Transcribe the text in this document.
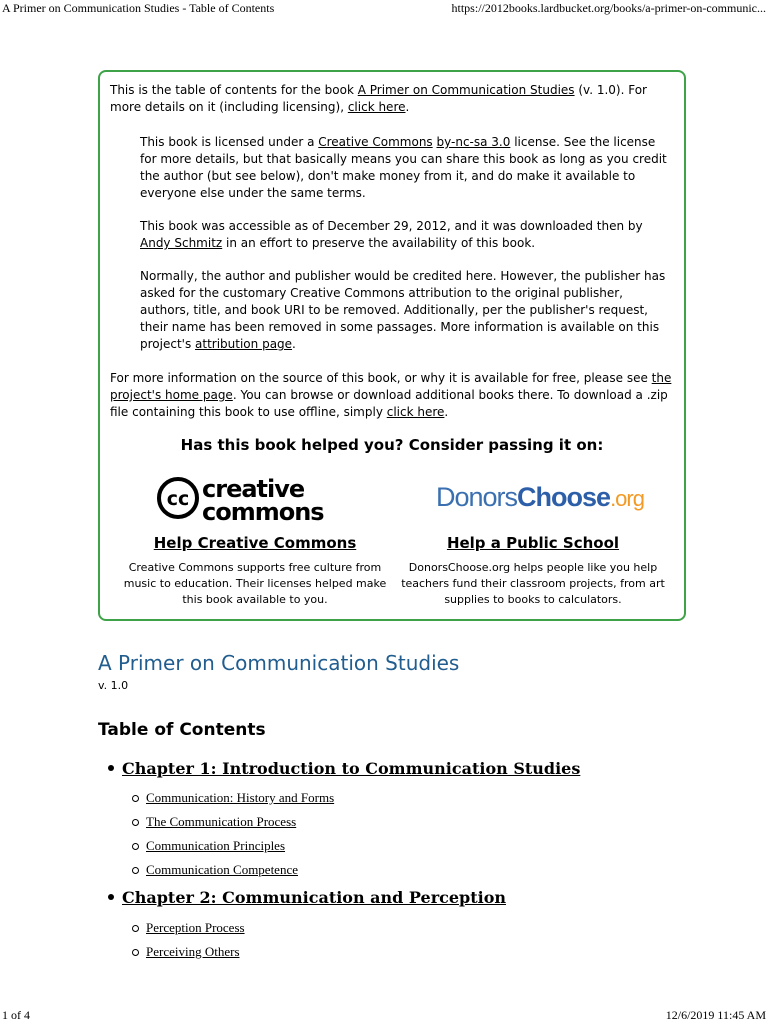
A Primer on Communication Studies - Table of Contents	https://2012books.lardbucket.org/books/a-primer-on-communic...
This is the table of contents for the book A Primer on Communication Studies (v. 1.0). For more details on it (including licensing), click here.
This book is licensed under a Creative Commons by-nc-sa 3.0 license. See the license for more details, but that basically means you can share this book as long as you credit the author (but see below), don't make money from it, and do make it available to everyone else under the same terms.
This book was accessible as of December 29, 2012, and it was downloaded then by Andy Schmitz in an effort to preserve the availability of this book.
Normally, the author and publisher would be credited here. However, the publisher has asked for the customary Creative Commons attribution to the original publisher, authors, title, and book URI to be removed. Additionally, per the publisher's request, their name has been removed in some passages. More information is available on this project's attribution page.
For more information on the source of this book, or why it is available for free, please see the project's home page. You can browse or download additional books there. To download a .zip file containing this book to use offline, simply click here.
Has this book helped you? Consider passing it on:
cc creative
commons	DonorsChoose.org
Help Creative Commons

Creative Commons supports free culture from music to education. Their licenses helped make this book available to you.

Help a Public School

DonorsChoose.org helps people like you help teachers fund their classroom projects, from art supplies to books to calculators.

A Primer on Communication Studies
v. 1.0
Table of Contents
Chapter 1: Introduction to Communication Studies
Communication: History and Forms
The Communication Process
Communication Principles
Communication Competence
Chapter 2: Communication and Perception
Perception Process
Perceiving Others
1 of 4	12/6/2019 11:45 AM
